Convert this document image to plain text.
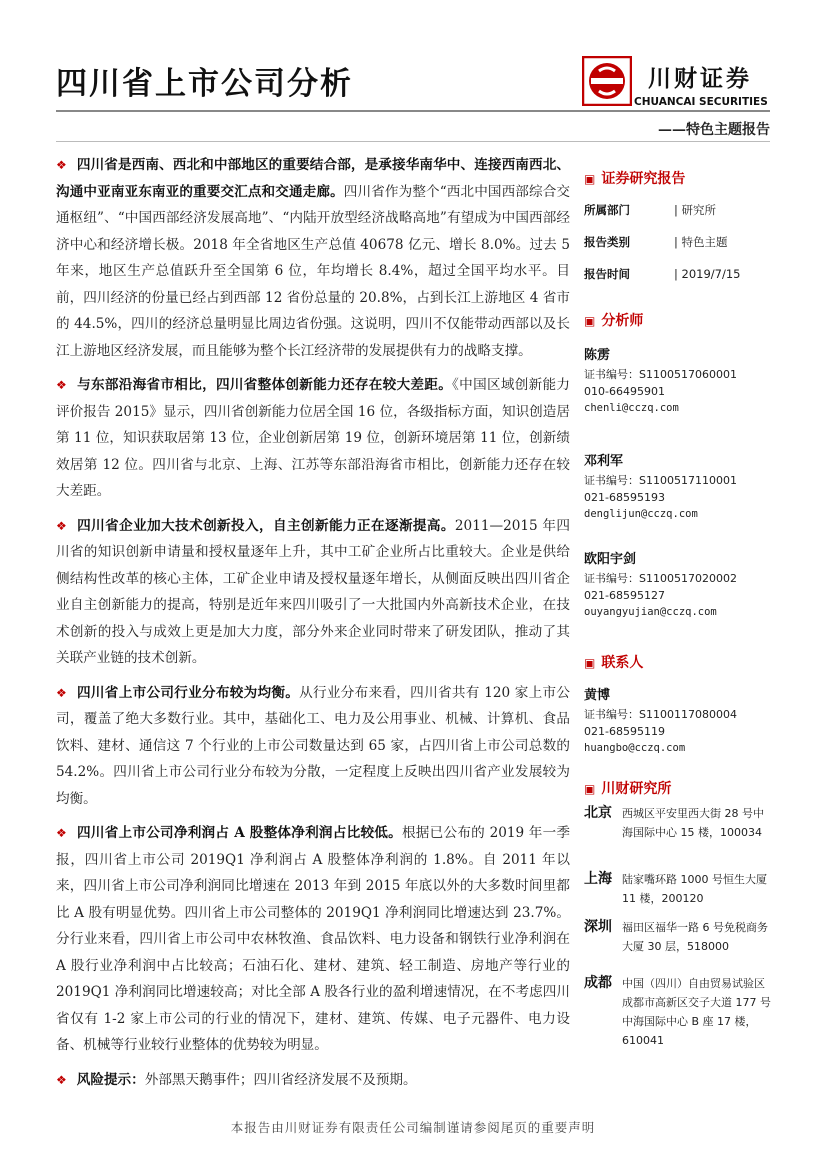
四川省上市公司分析	川财证券
CHUANCAI SECURITIES
——特色主题报告

❖ 四川省是西南、西北和中部地区的重要结合部，是承接华南华中、连接西南西北、沟通中亚南亚东南亚的重要交汇点和交通走廊。四川省作为整个“西北中国西部综合交通枢纽”、“中国西部经济发展高地”、“内陆开放型经济战略高地”有望成为中国西部经济中心和经济增长极。2018 年全省地区生产总值 40678 亿元、增长 8.0%。过去 5 年来，地区生产总值跃升至全国第 6 位，年均增长 8.4%，超过全国平均水平。目前，四川经济的份量已经占到西部 12 省份总量的 20.8%，占到长江上游地区 4 省市的 44.5%，四川的经济总量明显比周边省份强。这说明，四川不仅能带动西部以及长江上游地区经济发展，而且能够为整个长江经济带的发展提供有力的战略支撑。

❖ 与东部沿海省市相比，四川省整体创新能力还存在较大差距。《中国区域创新能力评价报告 2015》显示，四川省创新能力位居全国 16 位，各级指标方面，知识创造居第 11 位，知识获取居第 13 位，企业创新居第 19 位，创新环境居第 11 位，创新绩效居第 12 位。四川省与北京、上海、江苏等东部沿海省市相比，创新能力还存在较大差距。

❖ 四川省企业加大技术创新投入，自主创新能力正在逐渐提高。2011—2015 年四川省的知识创新申请量和授权量逐年上升，其中工矿企业所占比重较大。企业是供给侧结构性改革的核心主体，工矿企业申请及授权量逐年增长，从侧面反映出四川省企业自主创新能力的提高，特别是近年来四川吸引了一大批国内外高新技术企业，在技术创新的投入与成效上更是加大力度，部分外来企业同时带来了研发团队，推动了其关联产业链的技术创新。

❖ 四川省上市公司行业分布较为均衡。从行业分布来看，四川省共有 120 家上市公司，覆盖了绝大多数行业。其中，基础化工、电力及公用事业、机械、计算机、食品饮料、建材、通信这 7 个行业的上市公司数量达到 65 家，占四川省上市公司总数的 54.2%。四川省上市公司行业分布较为分散，一定程度上反映出四川省产业发展较为均衡。

❖ 四川省上市公司净利润占 A 股整体净利润占比较低。根据已公布的 2019 年一季报，四川省上市公司 2019Q1 净利润占 A 股整体净利润的 1.8%。自 2011 年以来，四川省上市公司净利润同比增速在 2013 年到 2015 年底以外的大多数时间里都比 A 股有明显优势。四川省上市公司整体的 2019Q1 净利润同比增速达到 23.7%。分行业来看，四川省上市公司中农林牧渔、食品饮料、电力设备和钢铁行业净利润在 A 股行业净利润中占比较高；石油石化、建材、建筑、轻工制造、房地产等行业的 2019Q1 净利润同比增速较高；对比全部 A 股各行业的盈利增速情况，在不考虑四川省仅有 1-2 家上市公司的行业的情况下，建材、建筑、传媒、电子元器件、电力设备、机械等行业较行业整体的优势较为明显。

❖ 风险提示：外部黑天鹅事件；四川省经济发展不及预期。

▣ 证券研究报告
所属部门	| 研究所
报告类别	| 特色主题
报告时间	| 2019/7/15
▣ 分析师
陈雳
证书编号：S1100517060001
010-66495901
chenli@cczq.com
邓利军
证书编号：S1100517110001
021-68595193
denglijun@cczq.com
欧阳宇剑
证书编号：S1100517020002
021-68595127
ouyangyujian@cczq.com
▣ 联系人
黄博
证书编号：S1100117080004
021-68595119
huangbo@cczq.com
▣ 川财研究所
北京 西城区平安里西大街 28 号中海国际中心 15 楼，100034
上海 陆家嘴环路 1000 号恒生大厦 11 楼，200120
深圳 福田区福华一路 6 号免税商务大厦 30 层，518000
成都 中国（四川）自由贸易试验区成都市高新区交子大道 177 号中海国际中心 B 座 17 楼，610041
本报告由川财证券有限责任公司编制谨请参阅尾页的重要声明
